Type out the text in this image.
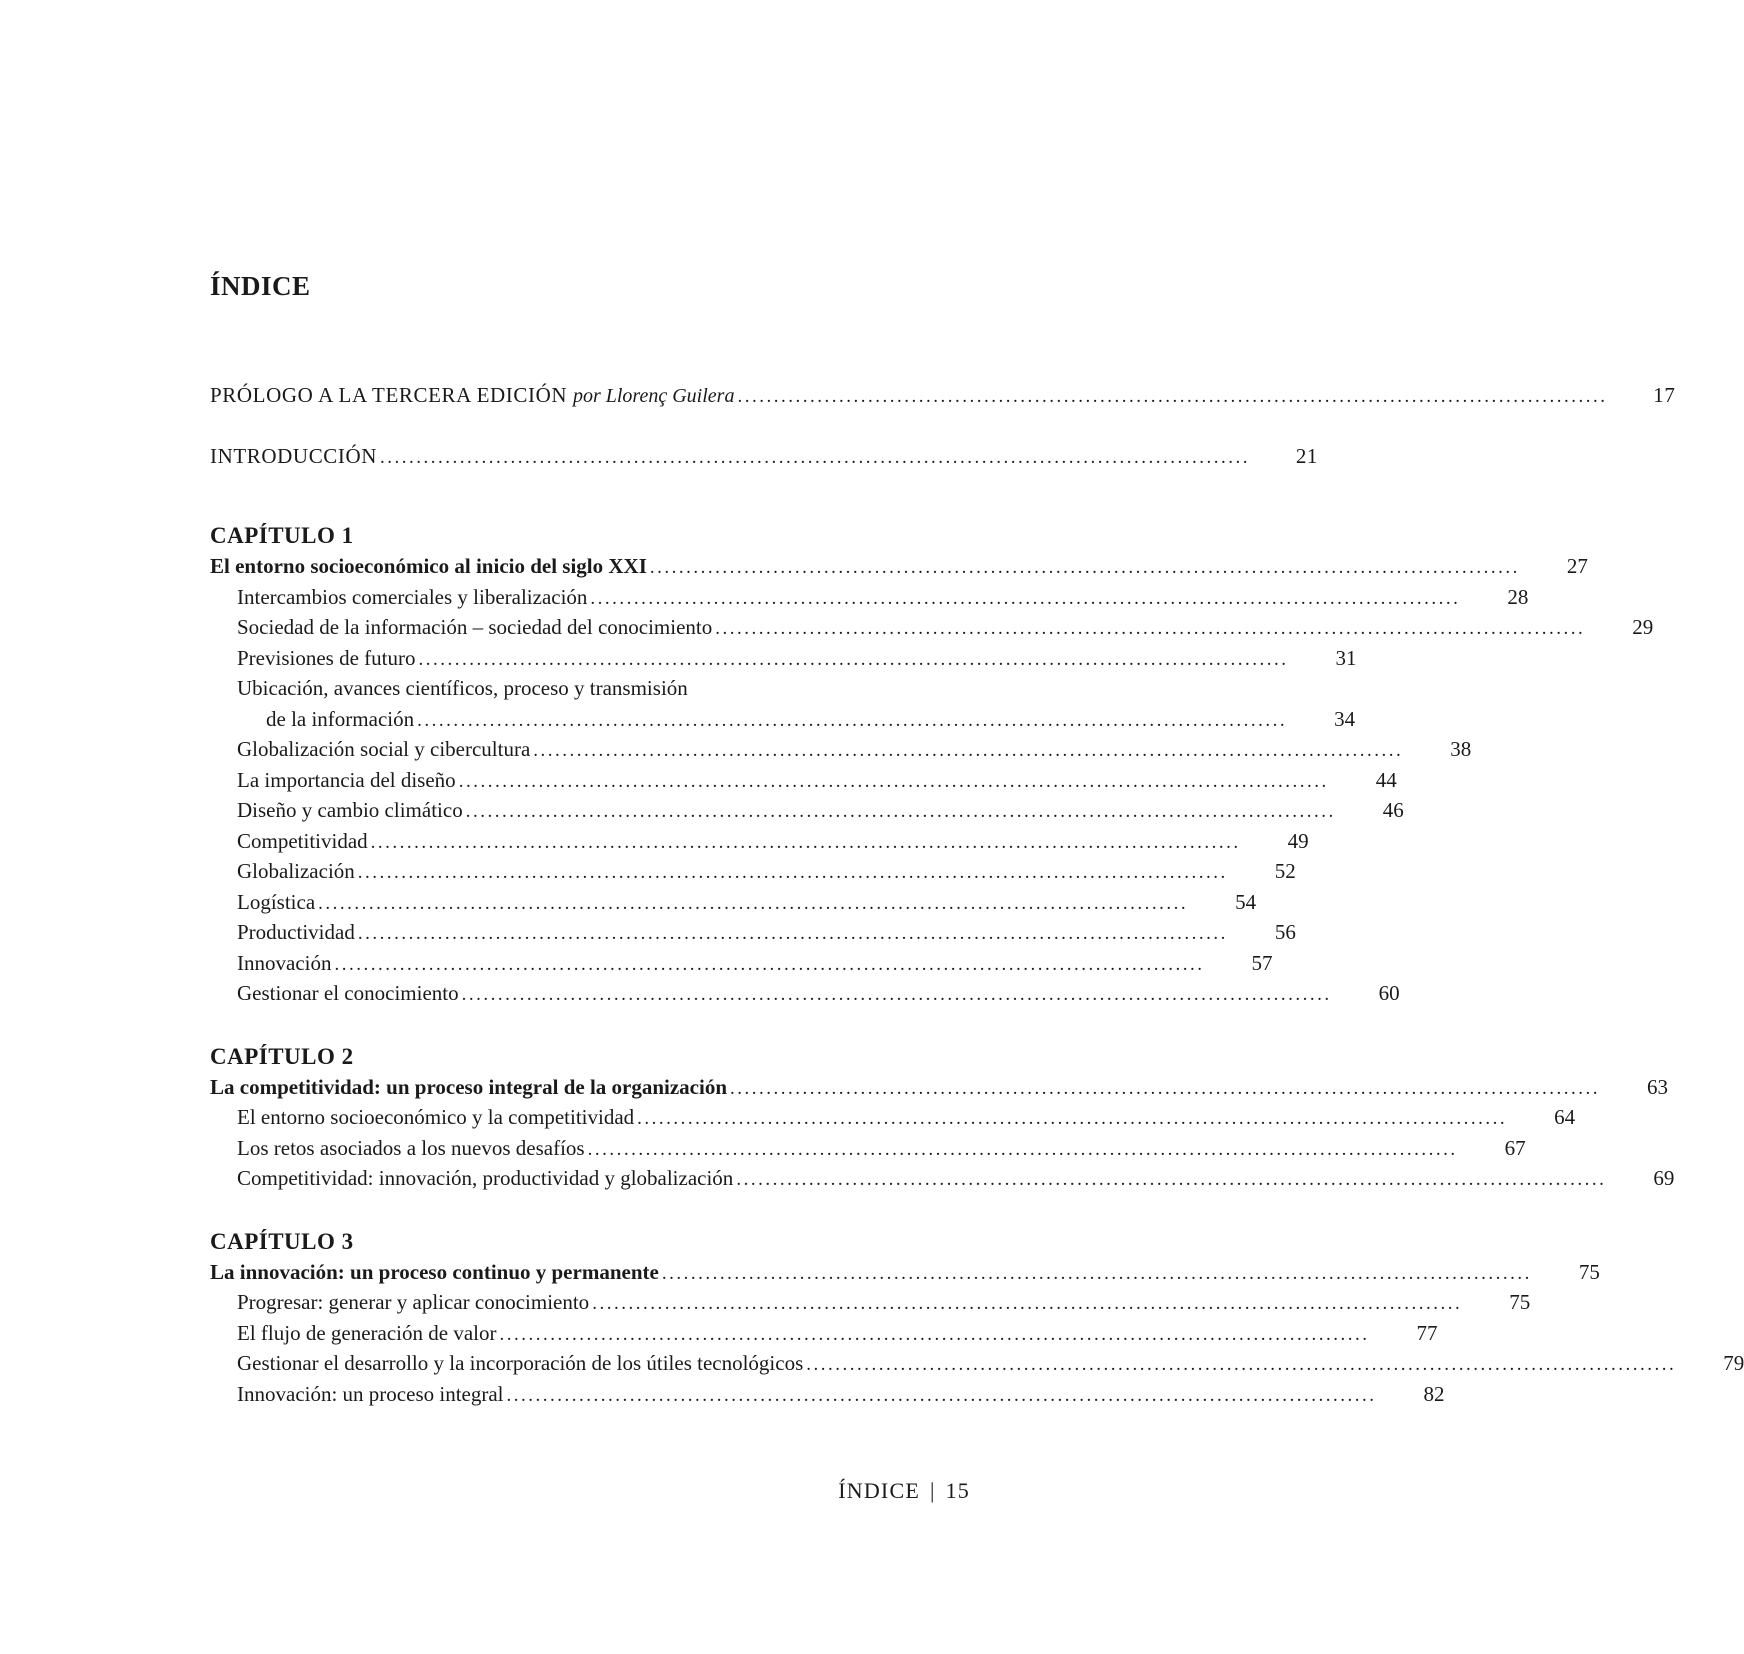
ÍNDICE
PRÓLOGO A LA TERCERA EDICIÓN por Llorenç Guilera ........................................................................................................................	17
INTRODUCCIÓN ........................................................................................................................	21
CAPÍTULO 1
El entorno socioeconómico al inicio del siglo XXI ........................................................................................................................	27
Intercambios comerciales y liberalización ........................................................................................................................	28
Sociedad de la información – sociedad del conocimiento ........................................................................................................................	29
Previsiones de futuro ........................................................................................................................	31
Ubicación, avances científicos, proceso y transmisión
de la información ........................................................................................................................	34
Globalización social y cibercultura ........................................................................................................................	38
La importancia del diseño ........................................................................................................................	44
Diseño y cambio climático ........................................................................................................................	46
Competitividad ........................................................................................................................	49
Globalización ........................................................................................................................	52
Logística ........................................................................................................................	54
Productividad ........................................................................................................................	56
Innovación ........................................................................................................................	57
Gestionar el conocimiento ........................................................................................................................	60
CAPÍTULO 2
La competitividad: un proceso integral de la organización ........................................................................................................................	63
El entorno socioeconómico y la competitividad ........................................................................................................................	64
Los retos asociados a los nuevos desafíos ........................................................................................................................	67
Competitividad: innovación, productividad y globalización ........................................................................................................................	69
CAPÍTULO 3
La innovación: un proceso continuo y permanente ........................................................................................................................	75
Progresar: generar y aplicar conocimiento ........................................................................................................................	75
El flujo de generación de valor ........................................................................................................................	77
Gestionar el desarrollo y la incorporación de los útiles tecnológicos ........................................................................................................................	79
Innovación: un proceso integral ........................................................................................................................	82
ÍNDICE | 15
